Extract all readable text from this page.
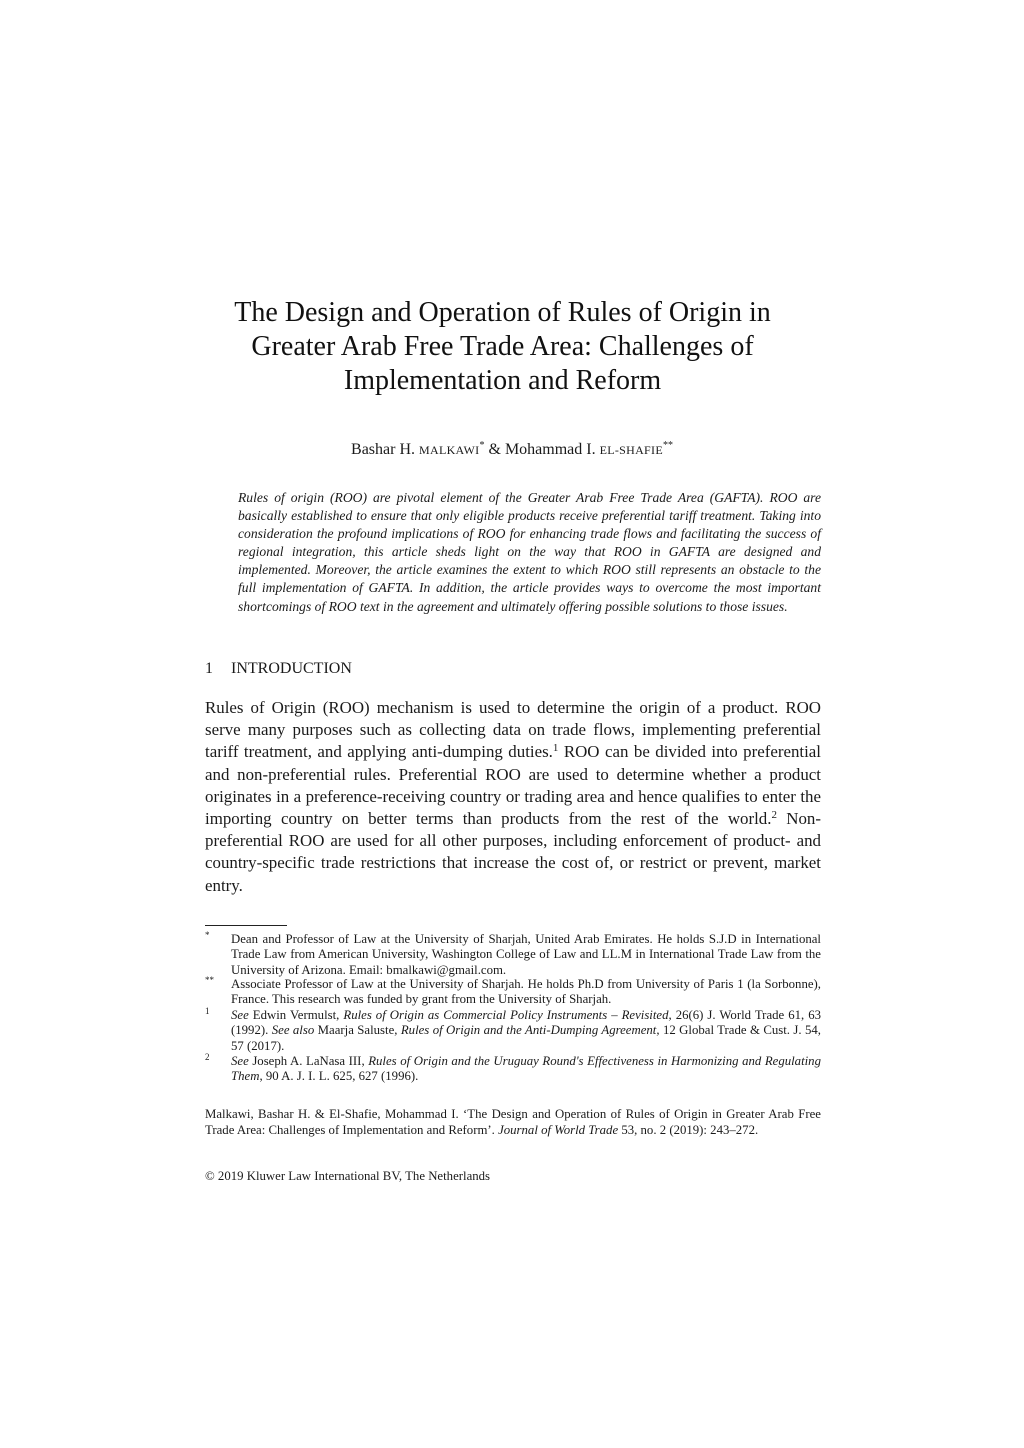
The Design and Operation of Rules of Origin in
Greater Arab Free Trade Area: Challenges of
Implementation and Reform
Bashar H. MALKAWI* & Mohammad I. EL-SHAFIE**

Rules of origin (ROO) are pivotal element of the Greater Arab Free Trade Area (GAFTA). ROO are basically established to ensure that only eligible products receive preferential tariff treatment. Taking into consideration the profound implications of ROO for enhancing trade flows and facilitating the success of regional integration, this article sheds light on the way that ROO in GAFTA are designed and implemented. Moreover, the article examines the extent to which ROO still represents an obstacle to the full implementation of GAFTA. In addition, the article provides ways to overcome the most important shortcomings of ROO text in the agreement and ultimately offering possible solutions to those issues.

1 INTRODUCTION

Rules of Origin (ROO) mechanism is used to determine the origin of a product. ROO serve many purposes such as collecting data on trade flows, implementing preferential tariff treatment, and applying anti-dumping duties.$^1$ ROO can be divided into preferential and non-preferential rules. Preferential ROO are used to determine whether a product originates in a preference-receiving country or trading area and hence qualifies to enter the importing country on better terms than products from the rest of the world.$^2$ Non-preferential ROO are used for all other purposes, including enforcement of product- and country-specific trade restrictions that increase the cost of, or restrict or prevent, market entry.

* Dean and Professor of Law at the University of Sharjah, United Arab Emirates. He holds S.J.D in International Trade Law from American University, Washington College of Law and LL.M in International Trade Law from the University of Arizona. Email: bmalkawi@gmail.com.

** Associate Professor of Law at the University of Sharjah. He holds Ph.D from University of Paris 1 (la Sorbonne), France. This research was funded by grant from the University of Sharjah.

1 See Edwin Vermulst, Rules of Origin as Commercial Policy Instruments – Revisited, 26(6) J. World Trade 61, 63 (1992). See also Maarja Saluste, Rules of Origin and the Anti-Dumping Agreement, 12 Global Trade & Cust. J. 54, 57 (2017).

2 See Joseph A. LaNasa III, Rules of Origin and the Uruguay Round's Effectiveness in Harmonizing and Regulating Them, 90 A. J. I. L. 625, 627 (1996).

Malkawi, Bashar H. & El-Shafie, Mohammad I. ‘The Design and Operation of Rules of Origin in Greater Arab Free Trade Area: Challenges of Implementation and Reform’. Journal of World Trade 53, no. 2 (2019): 243–272.

© 2019 Kluwer Law International BV, The Netherlands
